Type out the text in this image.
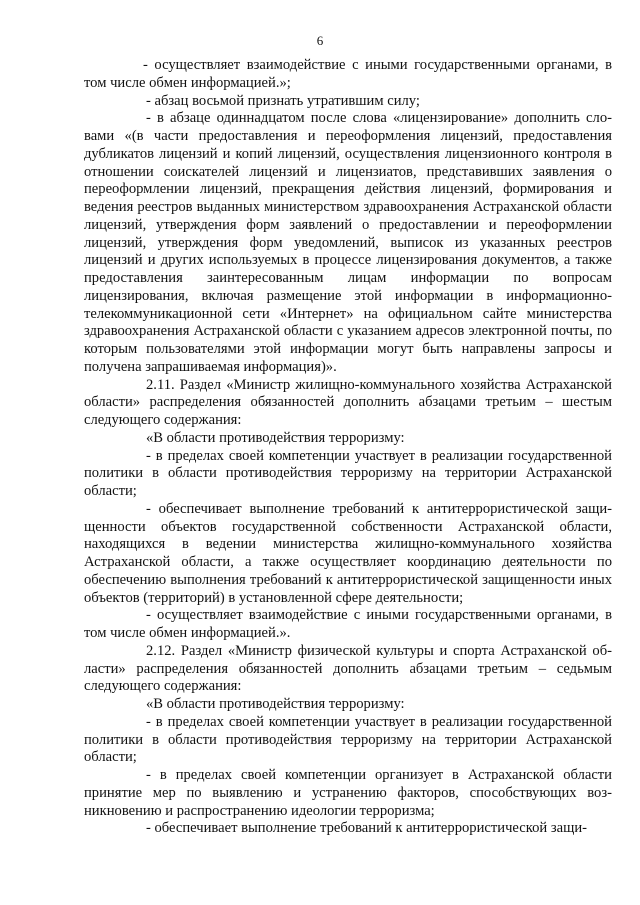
6

- осуществляет взаимодействие с иными государственными органами, в том числе обмен информацией.»;

- абзац восьмой признать утратившим силу;

- в абзаце одиннадцатом после слова «лицензирование» дополнить словами «(в части предоставления и переоформления лицензий, предоставления дубликатов лицензий и копий лицензий, осуществления лицензионного контроля в отношении соискателей лицензий и лицензиатов, представивших заявления о переоформлении лицензий, прекращения действия лицензий, формирования и ведения реестров выданных министерством здравоохранения Астраханской области лицензий, утверждения форм заявлений о предоставлении и переоформлении лицензий, утверждения форм уведомлений, выписок из указанных реестров лицензий и других используемых в процессе лицензирования документов, а также предоставления заинтересованным лицам информации по вопросам лицензирования, включая размещение этой информации в информационно-телекоммуникационной сети «Интернет» на официальном сайте министерства здравоохранения Астраханской области с указанием адресов электронной почты, по которым пользователями этой информации могут быть направлены запросы и получена запрашиваемая информация)».

2.11. Раздел «Министр жилищно-коммунального хозяйства Астраханской области» распределения обязанностей дополнить абзацами третьим – шестым следующего содержания:

«В области противодействия терроризму:

- в пределах своей компетенции участвует в реализации государственной политики в области противодействия терроризму на территории Астраханской области;

- обеспечивает выполнение требований к антитеррористической защищенности объектов государственной собственности Астраханской области, находящихся в ведении министерства жилищно-коммунального хозяйства Астраханской области, а также осуществляет координацию деятельности по обеспечению выполнения требований к антитеррористической защищенности иных объектов (территорий) в установленной сфере деятельности;

- осуществляет взаимодействие с иными государственными органами, в том числе обмен информацией.».

2.12. Раздел «Министр физической культуры и спорта Астраханской области» распределения обязанностей дополнить абзацами третьим – седьмым следующего содержания:

«В области противодействия терроризму:

- в пределах своей компетенции участвует в реализации государственной политики в области противодействия терроризму на территории Астраханской области;

- в пределах своей компетенции организует в Астраханской области принятие мер по выявлению и устранению факторов, способствующих возникновению и распространению идеологии терроризма;

- обеспечивает выполнение требований к антитеррористической защи-
